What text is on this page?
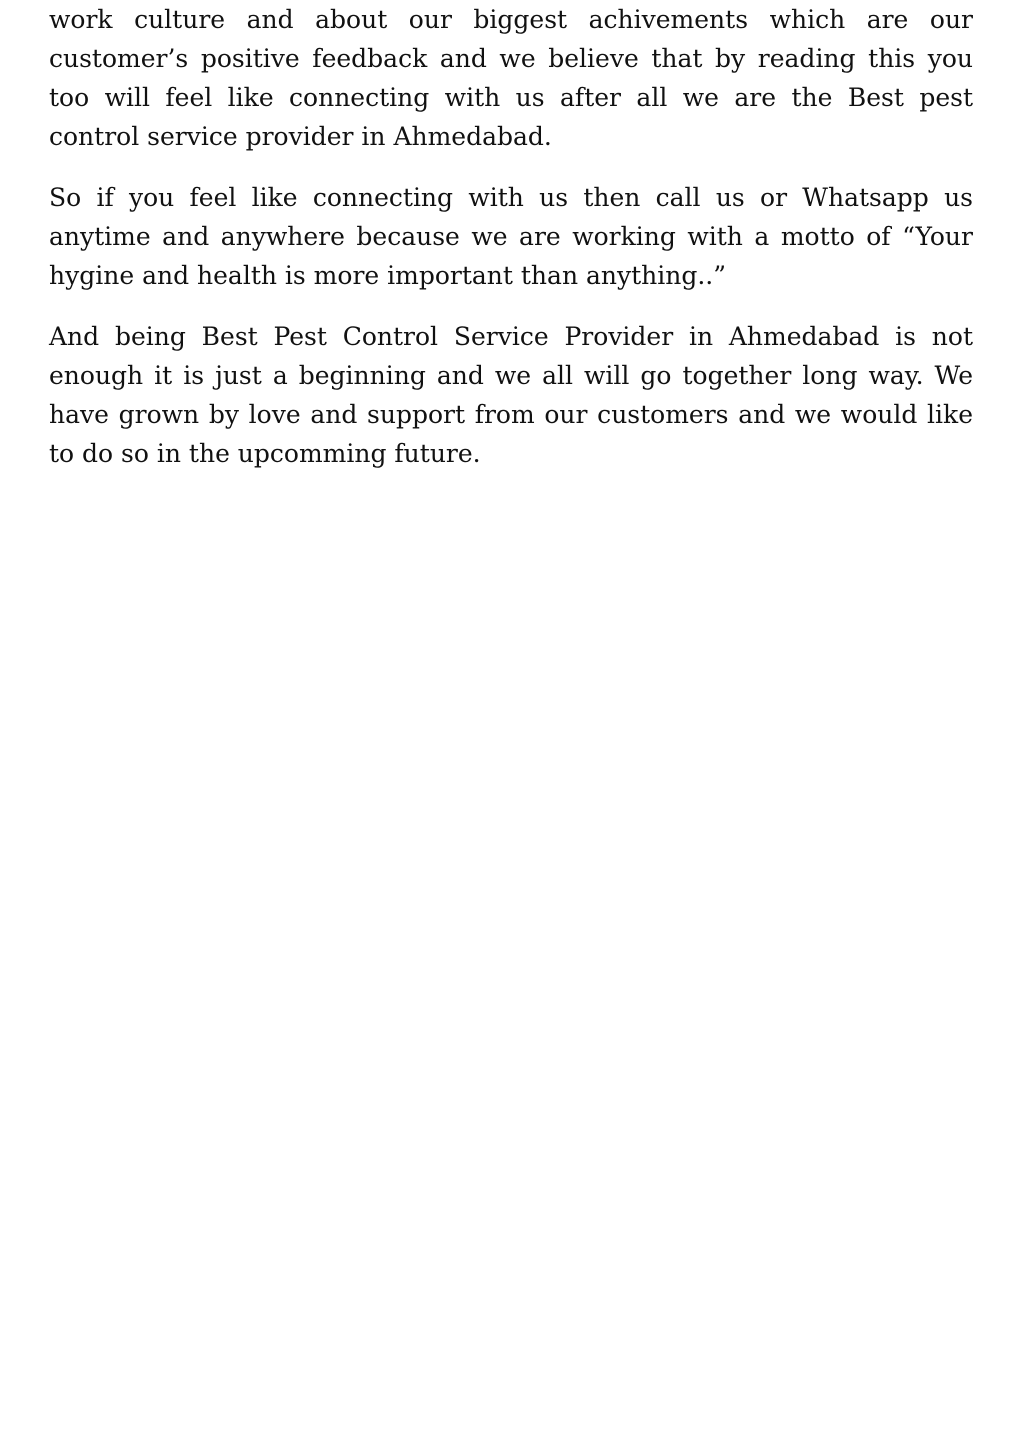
work culture and about our biggest achivements which are our customer’s positive feedback and we believe that by reading this you too will feel like connecting with us after all we are the Best pest control service provider in Ahmedabad.

So if you feel like connecting with us then call us or Whatsapp us anytime and anywhere because we are working with a motto of “Your hygine and health is more important than anything..”

And being Best Pest Control Service Provider in Ahmedabad is not enough it is just a beginning and we all will go together long way. We have grown by love and support from our customers and we would like to do so in the upcomming future.
